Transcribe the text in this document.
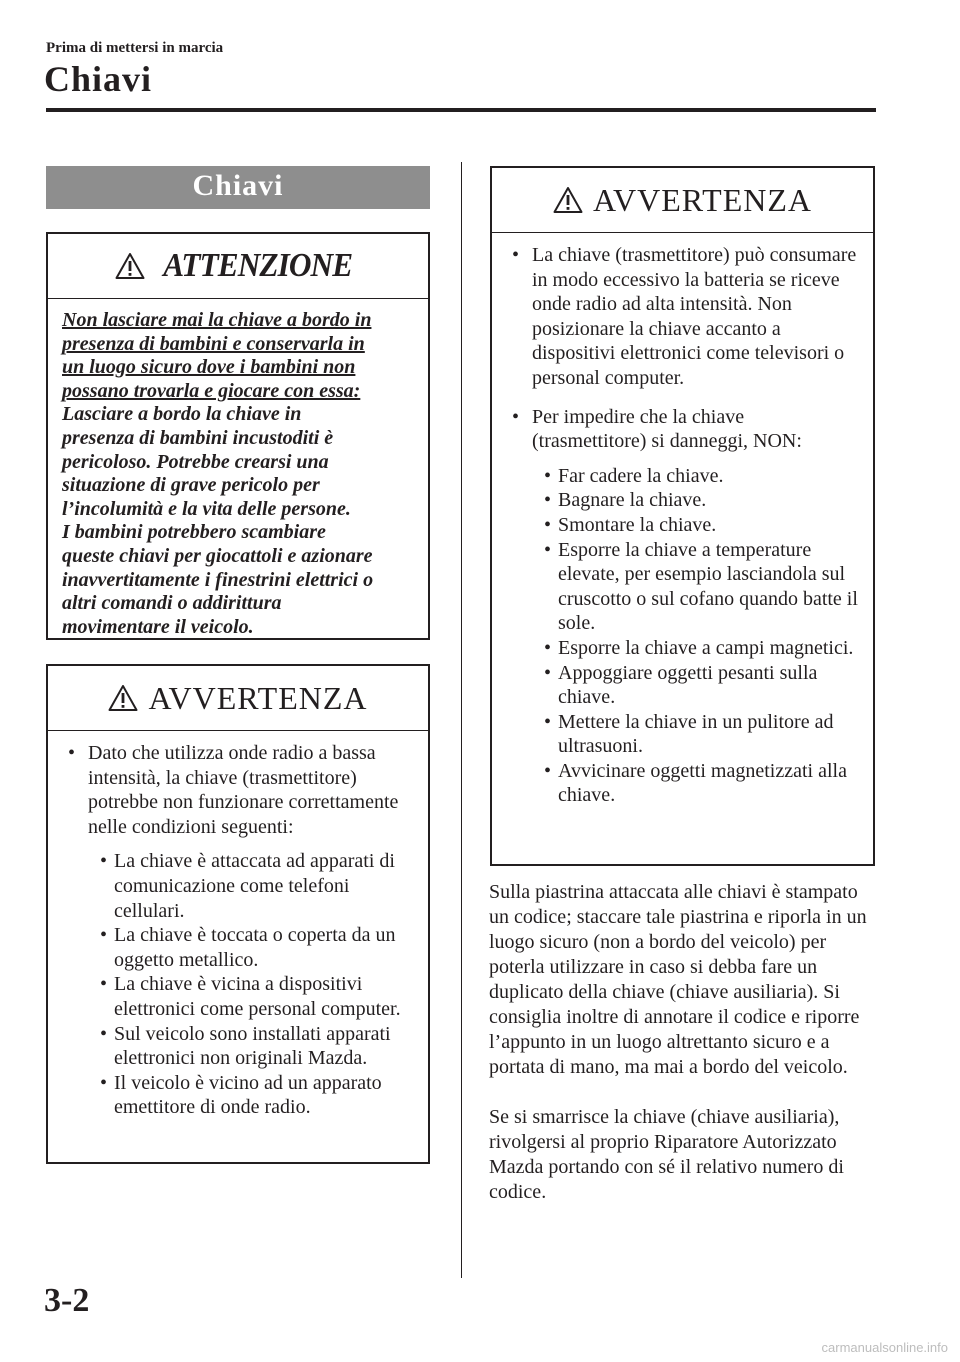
Prima di mettersi in marcia
Chiavi
Chiavi
ATTENZIONE
Non lasciare mai la chiave a bordo in
presenza di bambini e conservarla in
un luogo sicuro dove i bambini non
possano trovarla e giocare con essa:
Lasciare a bordo la chiave in
presenza di bambini incustoditi è
pericoloso. Potrebbe crearsi una
situazione di grave pericolo per
l’incolumità e la vita delle persone.
I bambini potrebbero scambiare
queste chiavi per giocattoli e azionare
inavvertitamente i finestrini elettrici o
altri comandi o addirittura
movimentare il veicolo.
AVVERTENZA
• Dato che utilizza onde radio a bassa intensità, la chiave (trasmettitore) potrebbe non funzionare correttamente nelle condizioni seguenti:
• La chiave è attaccata ad apparati di comunicazione come telefoni cellulari.
• La chiave è toccata o coperta da un oggetto metallico.
• La chiave è vicina a dispositivi elettronici come personal computer.
• Sul veicolo sono installati apparati elettronici non originali Mazda.
• Il veicolo è vicino ad un apparato emettitore di onde radio.
AVVERTENZA
• La chiave (trasmettitore) può consumare in modo eccessivo la batteria se riceve onde radio ad alta intensità. Non posizionare la chiave accanto a dispositivi elettronici come televisori o personal computer.
• Per impedire che la chiave (trasmettitore) si danneggi, NON:
• Far cadere la chiave.
• Bagnare la chiave.
• Smontare la chiave.
• Esporre la chiave a temperature elevate, per esempio lasciandola sul cruscotto o sul cofano quando batte il sole.
• Esporre la chiave a campi magnetici.
• Appoggiare oggetti pesanti sulla chiave.
• Mettere la chiave in un pulitore ad ultrasuoni.
• Avvicinare oggetti magnetizzati alla chiave.

Sulla piastrina attaccata alle chiavi è stampato un codice; staccare tale piastrina e riporla in un luogo sicuro (non a bordo del veicolo) per poterla utilizzare in caso si debba fare un duplicato della chiave (chiave ausiliaria). Si consiglia inoltre di annotare il codice e riporre l’appunto in un luogo altrettanto sicuro e a portata di mano, ma mai a bordo del veicolo.

Se si smarrisce la chiave (chiave ausiliaria), rivolgersi al proprio Riparatore Autorizzato Mazda portando con sé il relativo numero di codice.

3-2
carmanualsonline.info
